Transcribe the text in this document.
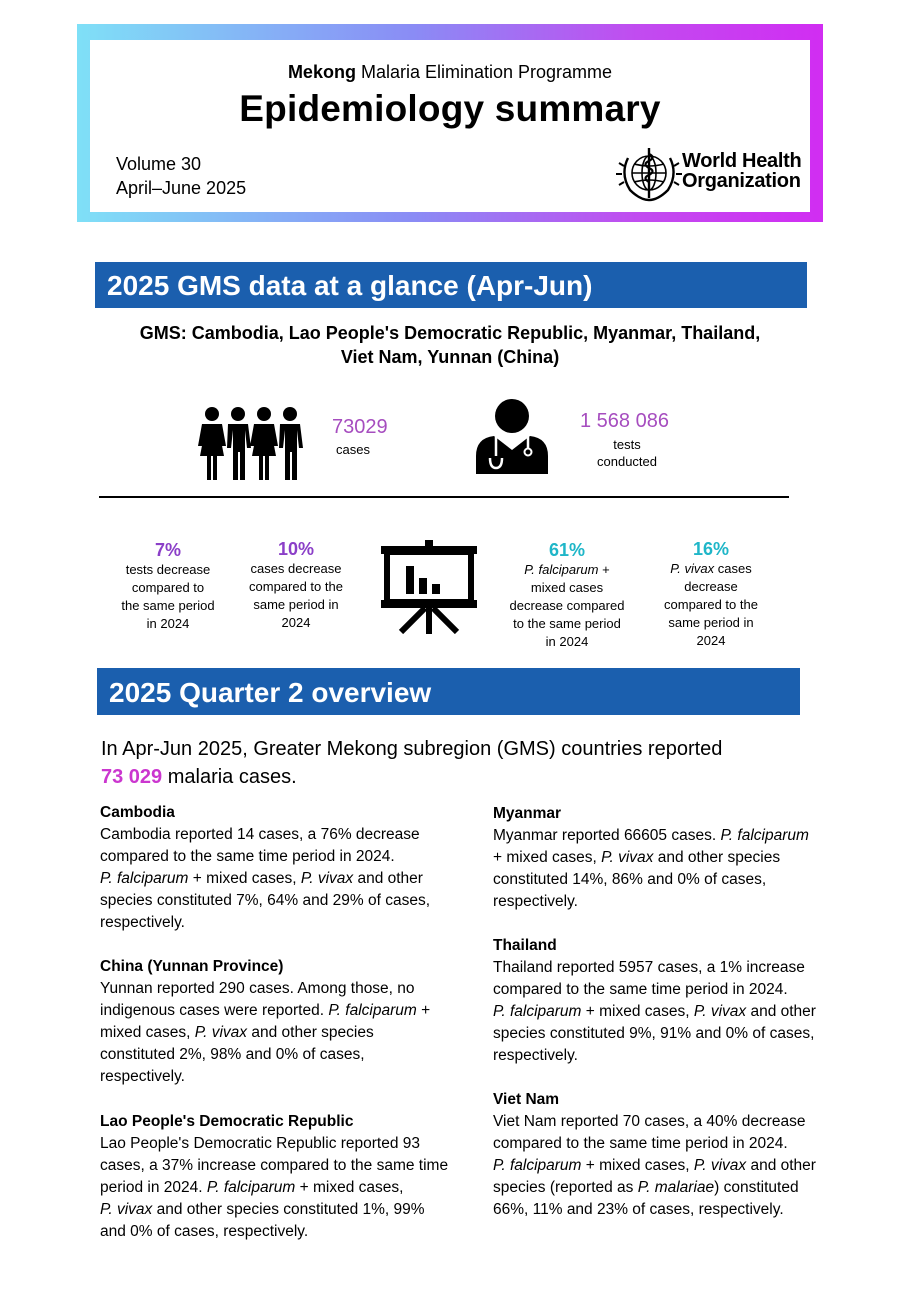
Mekong Malaria Elimination Programme
Epidemiology summary
Volume 30
April–June 2025
World Health
Organization
2025 GMS data at a glance (Apr-Jun)
GMS: Cambodia, Lao People's Democratic Republic, Myanmar, Thailand,
Viet Nam, Yunnan (China)
73029
cases
1 568 086
tests
conducted
7%
tests decrease
compared to
the same period
in 2024
10%
cases decrease
compared to the
same period in
2024
61%
P. falciparum +
mixed cases
decrease compared
to the same period
in 2024
16%
P. vivax cases
decrease
compared to the
same period in
2024
2025 Quarter 2 overview
In Apr-Jun 2025, Greater Mekong subregion (GMS) countries reported
73 029 malaria cases.
Cambodia

Cambodia reported 14 cases, a 76% decrease

compared to the same time period in 2024.

P. falciparum + mixed cases, P. vivax and other

species constituted 7%, 64% and 29% of cases,

respectively.

China (Yunnan Province)

Yunnan reported 290 cases. Among those, no

indigenous cases were reported. P. falciparum +

mixed cases, P. vivax and other species

constituted 2%, 98% and 0% of cases,

respectively.

Lao People's Democratic Republic

Lao People's Democratic Republic reported 93

cases, a 37% increase compared to the same time

period in 2024. P. falciparum + mixed cases,

P. vivax and other species constituted 1%, 99%

and 0% of cases, respectively.

Myanmar

Myanmar reported 66605 cases. P. falciparum

+ mixed cases, P. vivax and other species

constituted 14%, 86% and 0% of cases,

respectively.

Thailand

Thailand reported 5957 cases, a 1% increase

compared to the same time period in 2024.

P. falciparum + mixed cases, P. vivax and other

species constituted 9%, 91% and 0% of cases,

respectively.

Viet Nam

Viet Nam reported 70 cases, a 40% decrease

compared to the same time period in 2024.

P. falciparum + mixed cases, P. vivax and other

species (reported as P. malariae) constituted

66%, 11% and 23% of cases, respectively.
